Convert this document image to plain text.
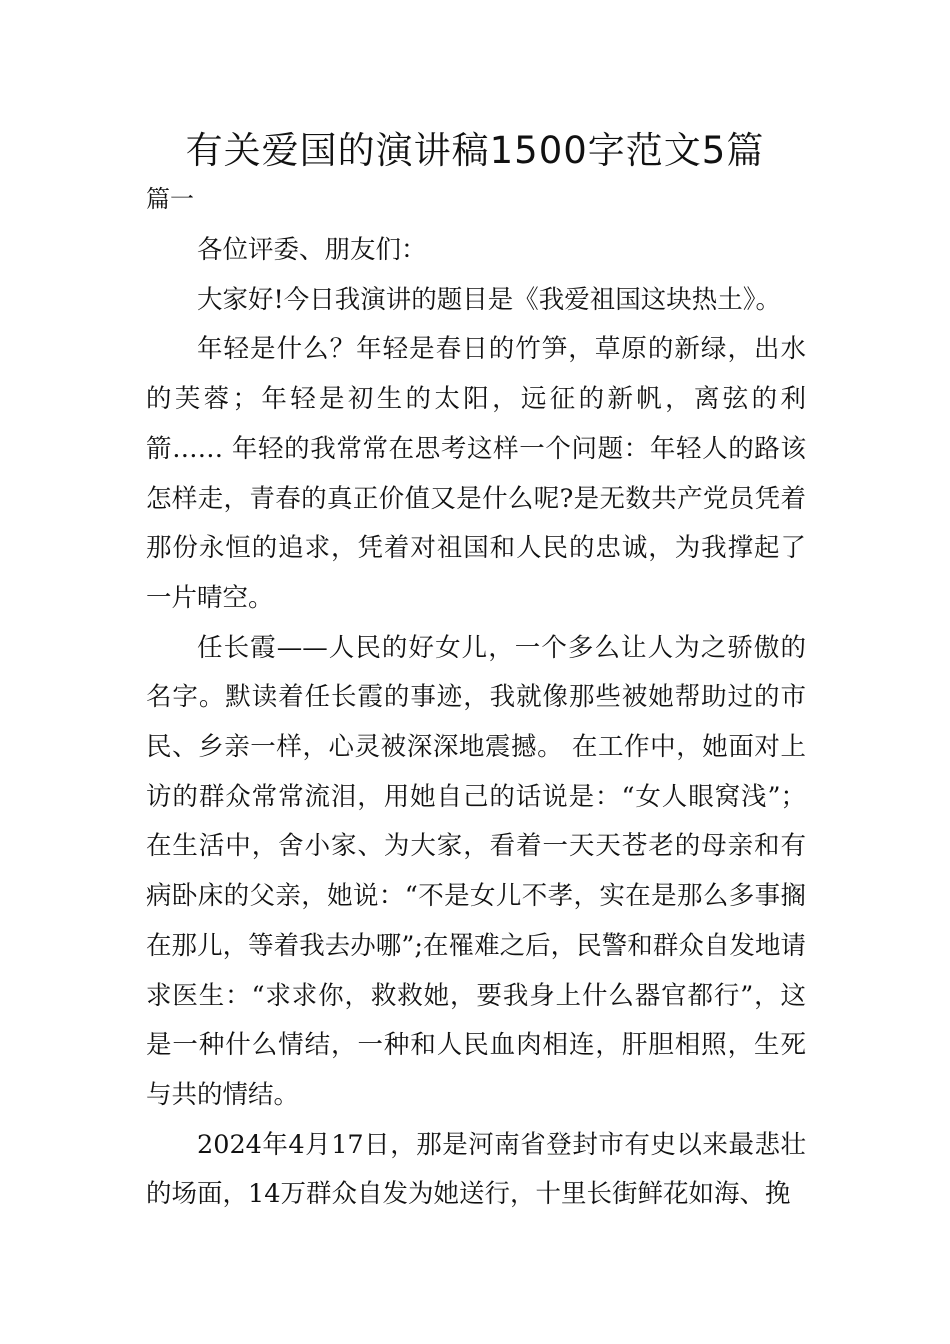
有关爱国的演讲稿1500字范文5篇
篇一

各位评委、朋友们：

大家好!今日我演讲的题目是《我爱祖国这块热土》。

年轻是什么？年轻是春日的竹笋，草原的新绿，出水的芙蓉；年轻是初生的太阳，远征的新帆，离弦的利箭…… 年轻的我常常在思考这样一个问题：年轻人的路该怎样走，青春的真正价值又是什么呢?是无数共产党员凭着那份永恒的追求，凭着对祖国和人民的忠诚，为我撑起了一片晴空。

任长霞——人民的好女儿，一个多么让人为之骄傲的名字。默读着任长霞的事迹，我就像那些被她帮助过的市民、乡亲一样，心灵被深深地震撼。 在工作中，她面对上访的群众常常流泪，用她自己的话说是：“女人眼窝浅”；在生活中，舍小家、为大家，看着一天天苍老的母亲和有病卧床的父亲，她说：“不是女儿不孝，实在是那么多事搁在那儿，等着我去办哪”;在罹难之后，民警和群众自发地请求医生：“求求你，救救她，要我身上什么器官都行”，这是一种什么情结，一种和人民血肉相连，肝胆相照，生死与共的情结。

2024年4月17日，那是河南省登封市有史以来最悲壮的场面，14万群众自发为她送行，十里长街鲜花如海、挽
